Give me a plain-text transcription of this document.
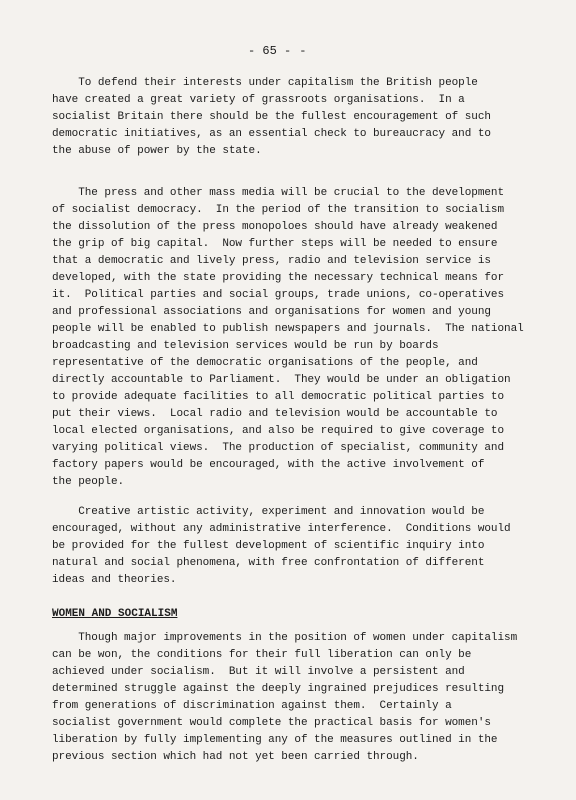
- 65 - -

To defend their interests under capitalism the British people
have created a great variety of grassroots organisations.  In a
socialist Britain there should be the fullest encouragement of such
democratic initiatives, as an essential check to bureaucracy and to
the abuse of power by the state.

The press and other mass media will be crucial to the development
of socialist democracy.  In the period of the transition to socialism
the dissolution of the press monopoloes should have already weakened
the grip of big capital.  Now further steps will be needed to ensure
that a democratic and lively press, radio and television service is
developed, with the state providing the necessary technical means for
it.  Political parties and social groups, trade unions, co-operatives
and professional associations and organisations for women and young
people will be enabled to publish newspapers and journals.  The national
broadcasting and television services would be run by boards
representative of the democratic organisations of the people, and
directly accountable to Parliament.  They would be under an obligation
to provide adequate facilities to all democratic political parties to
put their views.  Local radio and television would be accountable to
local elected organisations, and also be required to give coverage to
varying political views.  The production of specialist, community and
factory papers would be encouraged, with the active involvement of
the people.

Creative artistic activity, experiment and innovation would be
encouraged, without any administrative interference.  Conditions would
be provided for the fullest development of scientific inquiry into
natural and social phenomena, with free confrontation of different
ideas and theories.

WOMEN AND SOCIALISM

Though major improvements in the position of women under capitalism
can be won, the conditions for their full liberation can only be
achieved under socialism.  But it will involve a persistent and
determined struggle against the deeply ingrained prejudices resulting
from generations of discrimination against them.  Certainly a
socialist government would complete the practical basis for women's
liberation by fully implementing any of the measures outlined in the
previous section which had not yet been carried through.
